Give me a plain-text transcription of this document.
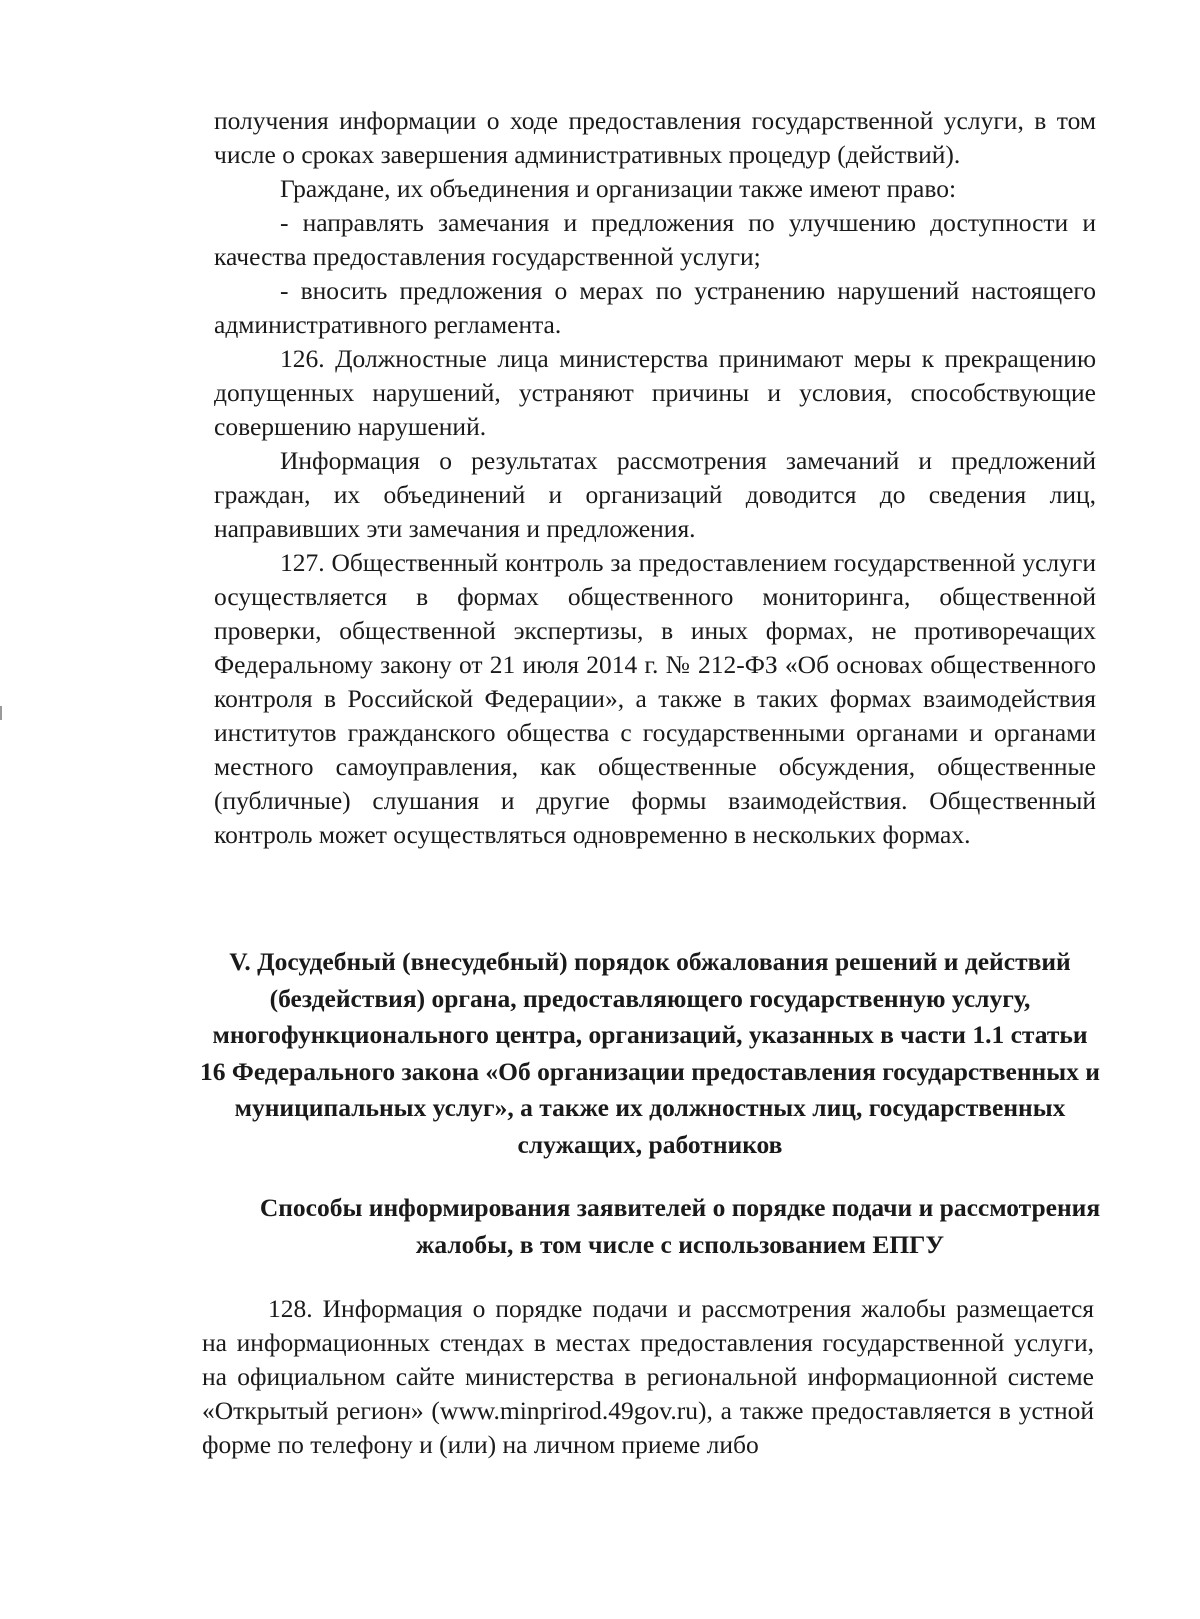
получения информации о ходе предоставления государственной услуги, в том числе о сроках завершения административных процедур (действий).

Граждане, их объединения и организации также имеют право:

- направлять замечания и предложения по улучшению доступности и качества предоставления государственной услуги;

- вносить предложения о мерах по устранению нарушений настоящего административного регламента.

126. Должностные лица министерства принимают меры к прекращению допущенных нарушений, устраняют причины и условия, способствующие совершению нарушений.

Информация о результатах рассмотрения замечаний и предложений граждан, их объединений и организаций доводится до сведения лиц, направивших эти замечания и предложения.

127. Общественный контроль за предоставлением государственной услуги осуществляется в формах общественного мониторинга, общественной проверки, общественной экспертизы, в иных формах, не противоречащих Федеральному закону от 21 июля 2014 г. № 212-ФЗ «Об основах общественного контроля в Российской Федерации», а также в таких формах взаимодействия институтов гражданского общества с государственными органами и органами местного самоуправления, как общественные обсуждения, общественные (публичные) слушания и другие формы взаимодействия. Общественный контроль может осуществляться одновременно в нескольких формах.

V. Досудебный (внесудебный) порядок обжалования решений и действий (бездействия) органа, предоставляющего государственную услугу, многофункционального центра, организаций, указанных в части 1.1 статьи 16 Федерального закона «Об организации предоставления государственных и муниципальных услуг», а также их должностных лиц, государственных служащих, работников
Способы информирования заявителей о порядке подачи и рассмотрения жалобы, в том числе с использованием ЕПГУ

128. Информация о порядке подачи и рассмотрения жалобы размещается на информационных стендах в местах предоставления государственной услуги, на официальном сайте министерства в региональной информационной системе «Открытый регион» (www.minprirod.49gov.ru), а также предоставляется в устной форме по телефону и (или) на личном приеме либо
